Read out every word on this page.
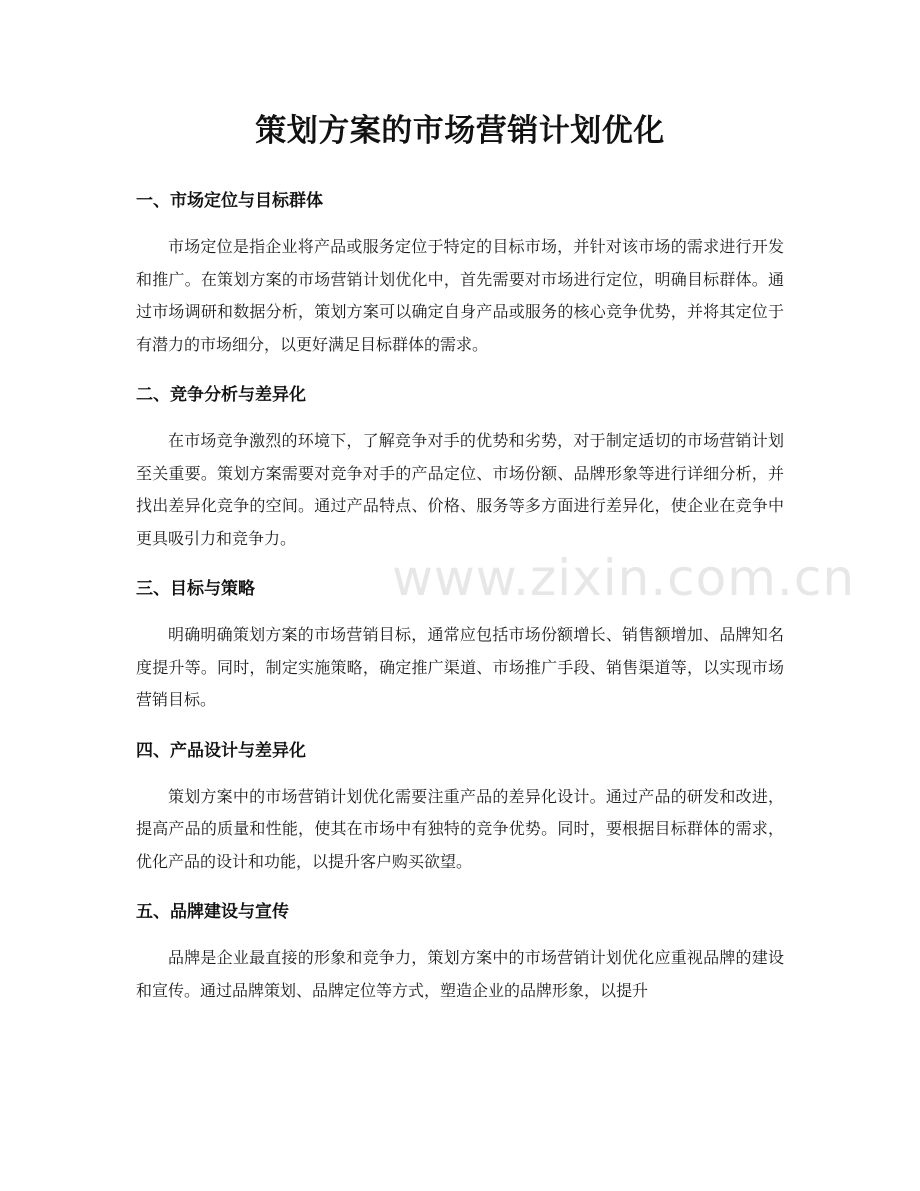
策划方案的市场营销计划优化
一、市场定位与目标群体

市场定位是指企业将产品或服务定位于特定的目标市场，并针对该市场的需求进行开发和推广。在策划方案的市场营销计划优化中，首先需要对市场进行定位，明确目标群体。通过市场调研和数据分析，策划方案可以确定自身产品或服务的核心竞争优势，并将其定位于有潜力的市场细分，以更好满足目标群体的需求。

二、竞争分析与差异化

在市场竞争激烈的环境下，了解竞争对手的优势和劣势，对于制定适切的市场营销计划至关重要。策划方案需要对竞争对手的产品定位、市场份额、品牌形象等进行详细分析，并找出差异化竞争的空间。通过产品特点、价格、服务等多方面进行差异化，使企业在竞争中更具吸引力和竞争力。

三、目标与策略

明确明确策划方案的市场营销目标，通常应包括市场份额增长、销售额增加、品牌知名度提升等。同时，制定实施策略，确定推广渠道、市场推广手段、销售渠道等，以实现市场营销目标。

四、产品设计与差异化

策划方案中的市场营销计划优化需要注重产品的差异化设计。通过产品的研发和改进，提高产品的质量和性能，使其在市场中有独特的竞争优势。同时，要根据目标群体的需求，优化产品的设计和功能，以提升客户购买欲望。

五、品牌建设与宣传

品牌是企业最直接的形象和竞争力，策划方案中的市场营销计划优化应重视品牌的建设和宣传。通过品牌策划、品牌定位等方式，塑造企业的品牌形象，以提升

www.zixin.com.cn
